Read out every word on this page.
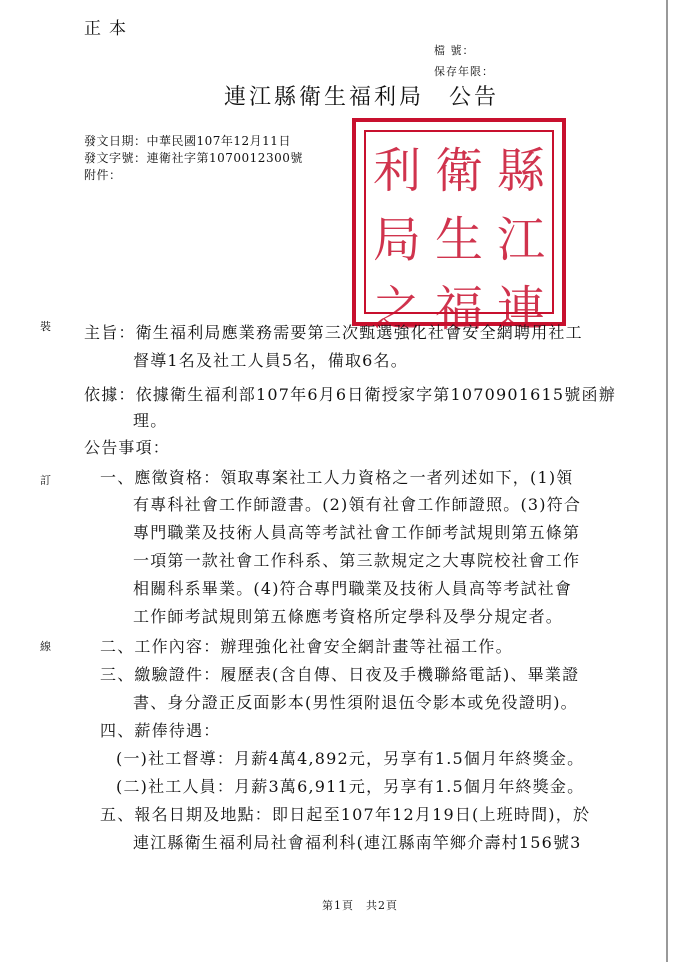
正本
檔 號：
保存年限：
連江縣衛生福利局　公告
發文日期：中華民國107年12月11日
發文字號：連衛社字第1070012300號
附件：	縣
江
連
衛
生
福
利
局
之
裝
訂
線
主旨：衛生福利局應業務需要第三次甄選強化社會安全網聘用社工
督導1名及社工人員5名，備取6名。
依據：依據衛生福利部107年6月6日衛授家字第1070901615號函辦
理。
公告事項：
一、應徵資格：領取專案社工人力資格之一者列述如下，(1)領
有專科社會工作師證書。(2)領有社會工作師證照。(3)符合
專門職業及技術人員高等考試社會工作師考試規則第五條第
一項第一款社會工作科系、第三款規定之大專院校社會工作
相關科系畢業。(4)符合專門職業及技術人員高等考試社會
工作師考試規則第五條應考資格所定學科及學分規定者。
二、工作內容：辦理強化社會安全網計畫等社福工作。
三、繳驗證件：履歷表(含自傳、日夜及手機聯絡電話)、畢業證
書、身分證正反面影本(男性須附退伍令影本或免役證明)。
四、薪俸待遇：
(一)社工督導：月薪4萬4,892元，另享有1.5個月年終獎金。
(二)社工人員：月薪3萬6,911元，另享有1.5個月年終獎金。
五、報名日期及地點：即日起至107年12月19日(上班時間)，於
連江縣衛生福利局社會福利科(連江縣南竿鄉介壽村156號3
第1頁　共2頁
